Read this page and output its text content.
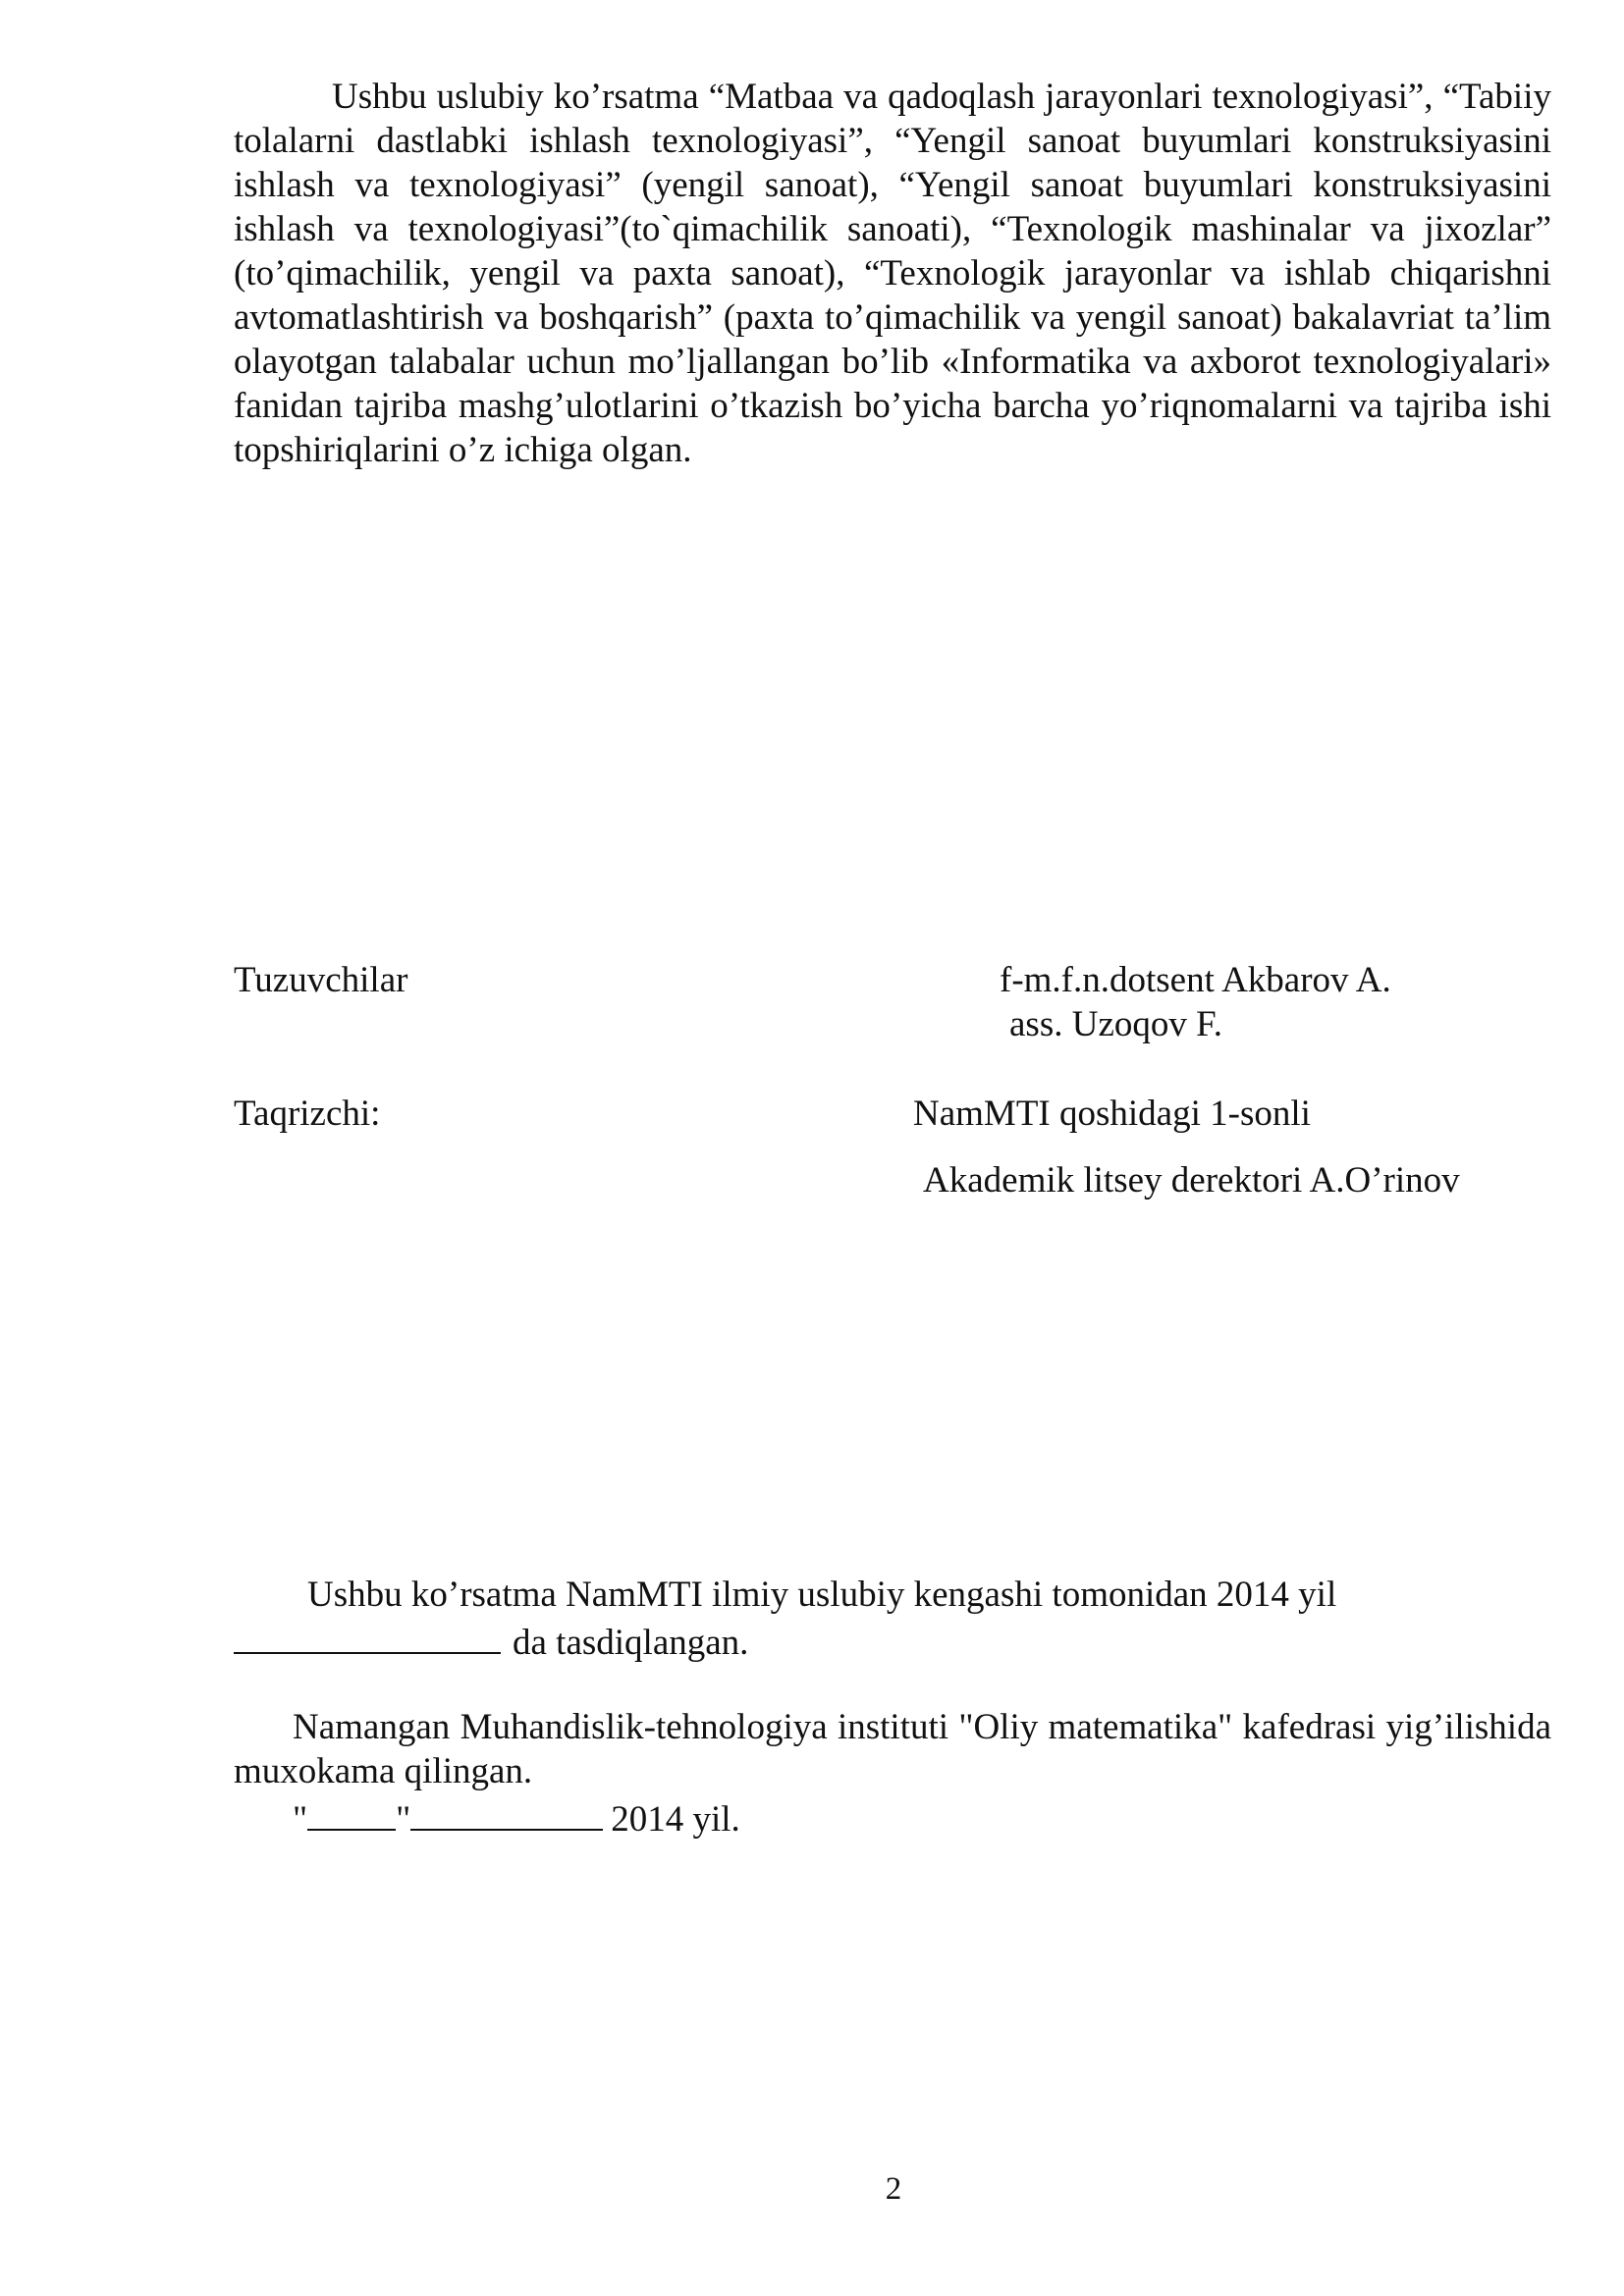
Ushbu uslubiy ko’rsatma “Matbaa va qadoqlash jarayonlari texnologiyasi”, “Tabiiy tolalarni dastlabki ishlash texnologiyasi”, “Yengil sanoat buyumlari konstruksiyasini ishlash va texnologiyasi” (yengil sanoat), “Yengil sanoat buyumlari konstruksiyasini ishlash va texnologiyasi”(to`qimachilik sanoati), “Texnologik mashinalar va jixozlar” (to’qimachilik, yengil va paxta sanoat), “Texnologik jarayonlar va ishlab chiqarishni avtomatlashtirish va boshqarish” (paxta to’qimachilik va yengil sanoat) bakalavriat ta’lim olayotgan talabalar uchun mo’ljallangan bo’lib «Informatika va axborot texnologiyalari» fanidan tajriba mashg’ulotlarini o’tkazish bo’yicha barcha yo’riqnomalarni va tajriba ishi topshiriqlarini o’z ichiga olgan.

Tuzuvchilar	f-m.f.n.dotsent Akbarov A.

ass. Uzoqov F.

Taqrizchi:	NamMTI qoshidagi 1-sonli

Akademik litsey derektori A.O’rinov

Ushbu ko’rsatma NamMTI ilmiy uslubiy kengashi tomonidan 2014 yil
da tasdiqlangan.

Namangan Muhandislik-tehnologiya instituti "Oliy matematika" kafedrasi yig’ilishida muxokama qilingan.

" "	2014 yil.

2
